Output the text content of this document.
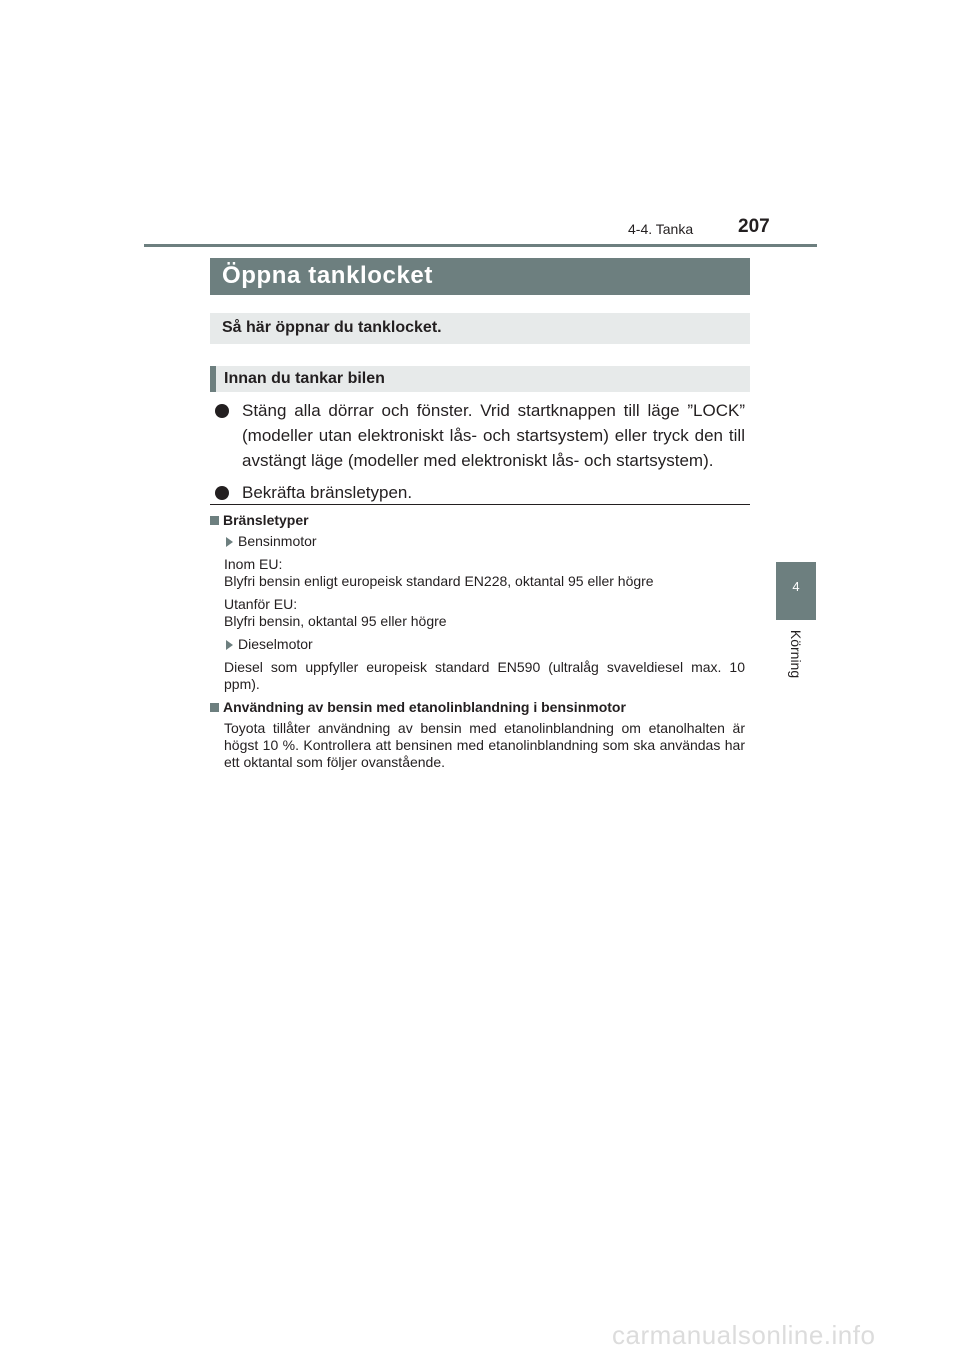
4-4. Tanka 207
4
Körning
Öppna tanklocket
Så här öppnar du tanklocket.
Innan du tankar bilen
Stäng alla dörrar och fönster. Vrid startknappen till läge ”LOCK” (modeller utan elektroniskt lås- och startsystem) eller tryck den till avstängt läge (modeller med elektroniskt lås- och startsystem).
Bekräfta bränsletypen.
Bränsletyper
Bensinmotor
Inom EU:
Blyfri bensin enligt europeisk standard EN228, oktantal 95 eller högre
Utanför EU:
Blyfri bensin, oktantal 95 eller högre
Dieselmotor
Diesel som uppfyller europeisk standard EN590 (ultralåg svaveldiesel max. 10 ppm).
Användning av bensin med etanolinblandning i bensinmotor
Toyota tillåter användning av bensin med etanolinblandning om etanolhalten är högst 10 %. Kontrollera att bensinen med etanolinblandning som ska användas har ett oktantal som följer ovanstående.
carmanualsonline.info
